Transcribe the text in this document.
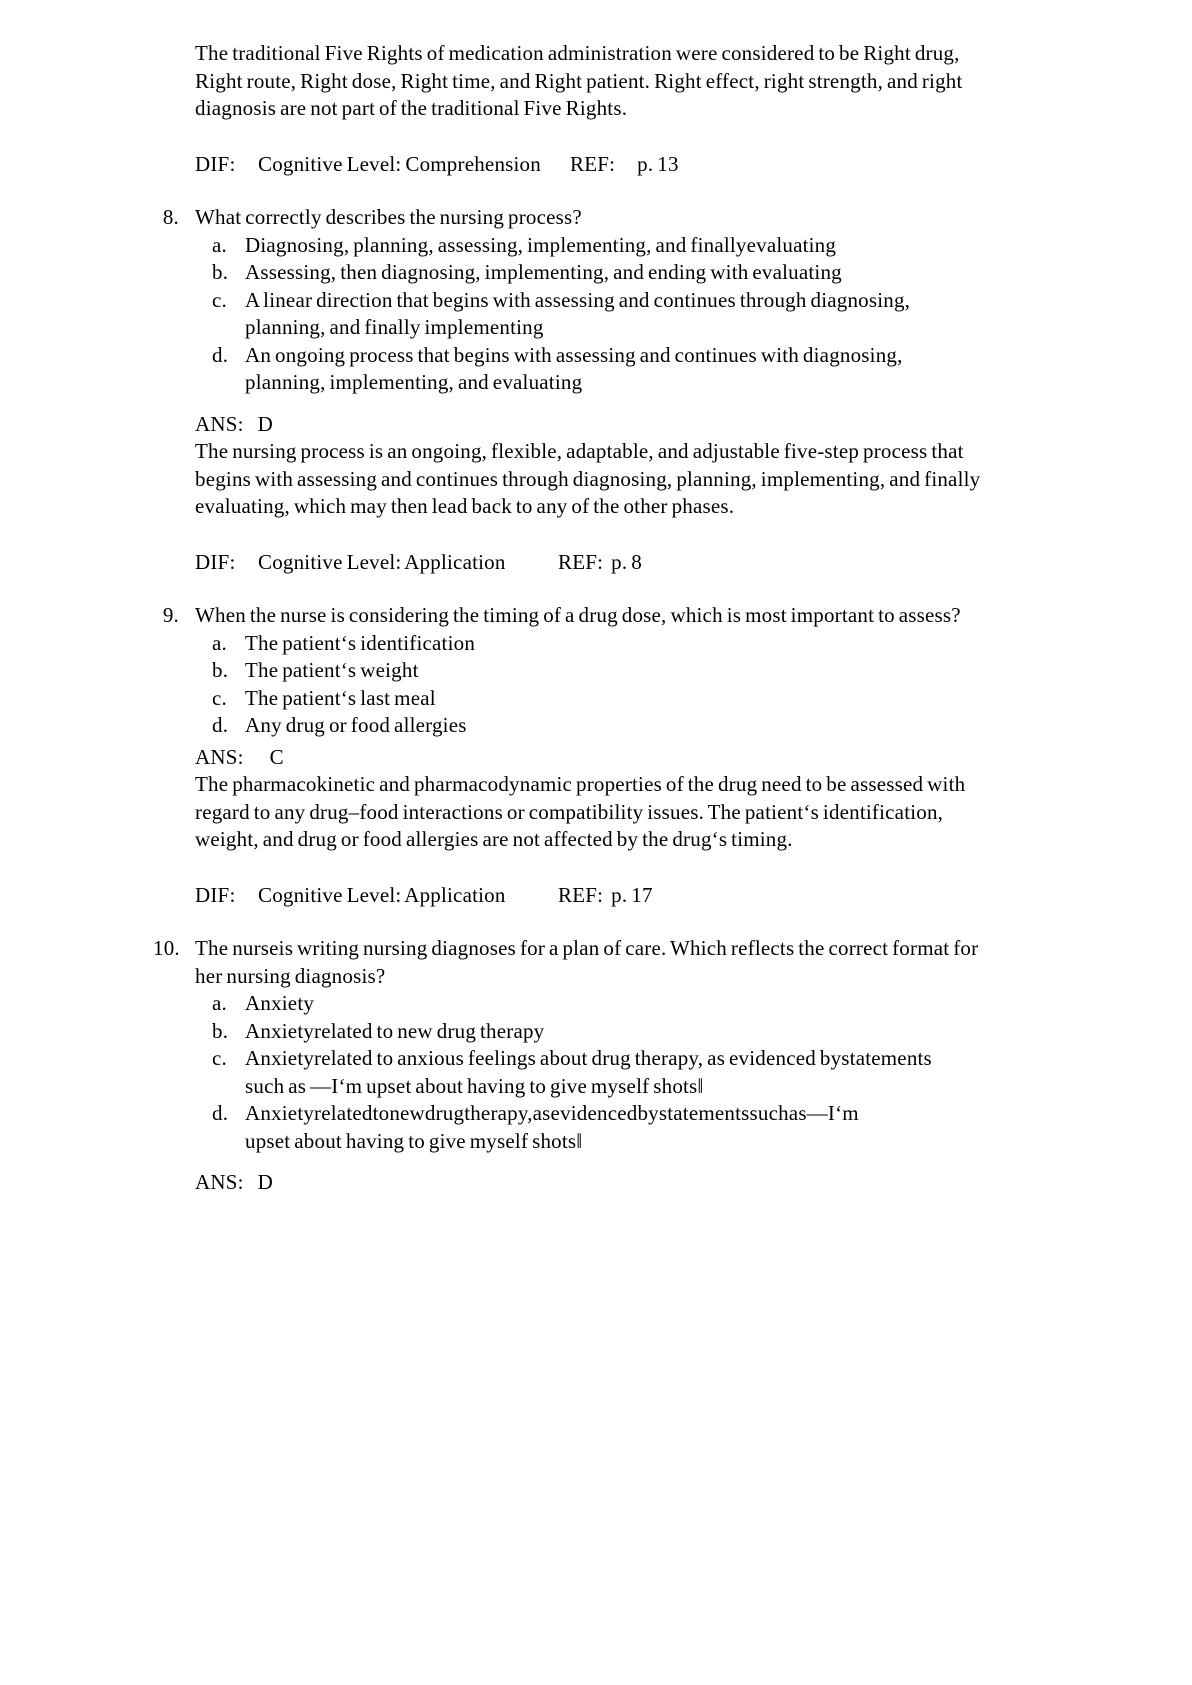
The traditional Five Rights of medication administration were considered to be Right drug,
Right route, Right dose, Right time, and Right patient. Right effect, right strength, and right
diagnosis are not part of the traditional Five Rights.
DIF:	Cognitive Level: Comprehension	REF: p. 13
8. What correctly describes the nursing process?
a. Diagnosing, planning, assessing, implementing, and finallyevaluating
b. Assessing, then diagnosing, implementing, and ending with evaluating
c. A linear direction that begins with assessing and continues through diagnosing,
planning, and finally implementing
d. An ongoing process that begins with assessing and continues with diagnosing,
planning, implementing, and evaluating
ANS: D
The nursing process is an ongoing, flexible, adaptable, and adjustable five-step process that
begins with assessing and continues through diagnosing, planning, implementing, and finally
evaluating, which may then lead back to any of the other phases.
DIF:	Cognitive Level: Application	REF: p. 8
9. When the nurse is considering the timing of a drug dose, which is most important to assess?
a. The patient‘s identification
b. The patient‘s weight
c. The patient‘s last meal
d. Any drug or food allergies
ANS: C
The pharmacokinetic and pharmacodynamic properties of the drug need to be assessed with
regard to any drug–food interactions or compatibility issues. The patient‘s identification,
weight, and drug or food allergies are not affected by the drug‘s timing.
DIF:	Cognitive Level: Application	REF: p. 17
10. The nurseis writing nursing diagnoses for a plan of care. Which reflects the correct format for
her nursing diagnosis?
a. Anxiety
b. Anxietyrelated to new drug therapy
c. Anxietyrelated to anxious feelings about drug therapy, as evidenced bystatements
such as —I‘m upset about having to give myself shots‖
d. Anxietyrelatedtonewdrugtherapy,asevidencedbystatementssuchas—I‘m
upset about having to give myself shots‖
ANS: D
